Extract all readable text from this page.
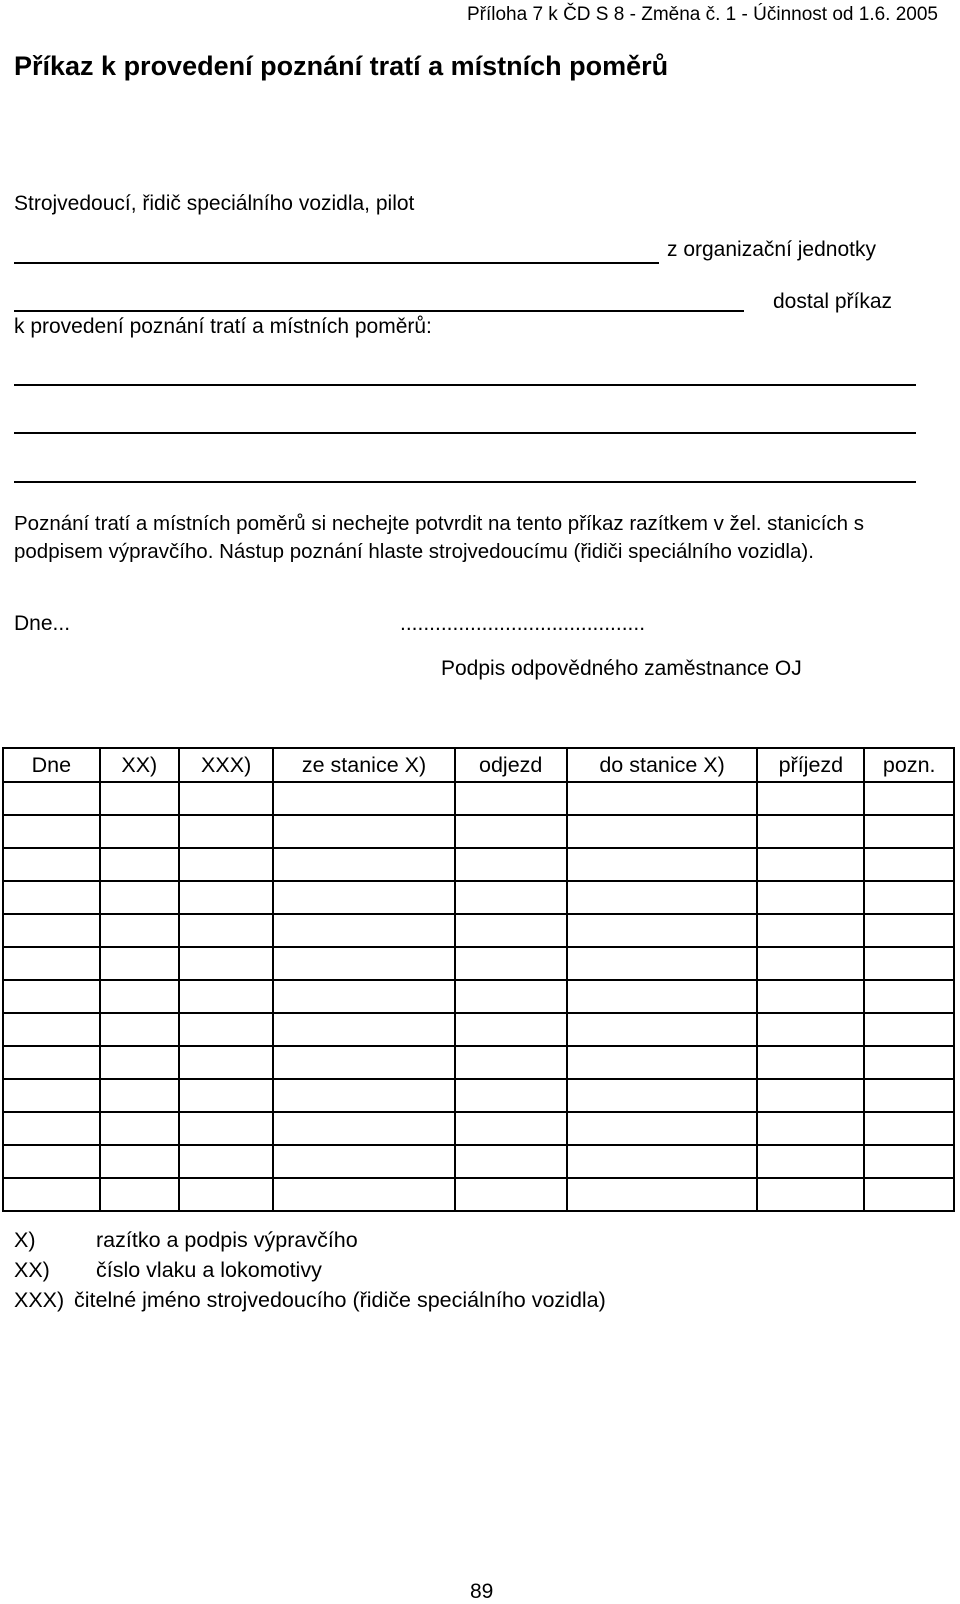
Příloha 7 k ČD S 8 - Změna č. 1 - Účinnost od 1.6. 2005
Příkaz k provedení poznání tratí a místních poměrů
Strojvedoucí, řidič speciálního vozidla, pilot
z organizační jednotky
dostal příkaz
k provedení poznání tratí a místních poměrů:
Poznání tratí a místních poměrů si nechejte potvrdit na tento příkaz razítkem v žel. stanicích s podpisem výpravčího. Nástup poznání hlaste strojvedoucímu (řidiči speciálního vozidla).
Dne...	..........................................
Podpis odpovědného zaměstnance OJ
Dne	XX)	XXX)	ze stanice X)	odjezd	do stanice X)	příjezd	pozn.

X)	razítko a podpis výpravčího
XX) číslo vlaku a lokomotivy
XXX) čitelné jméno strojvedoucího (řidiče speciálního vozidla)
89
